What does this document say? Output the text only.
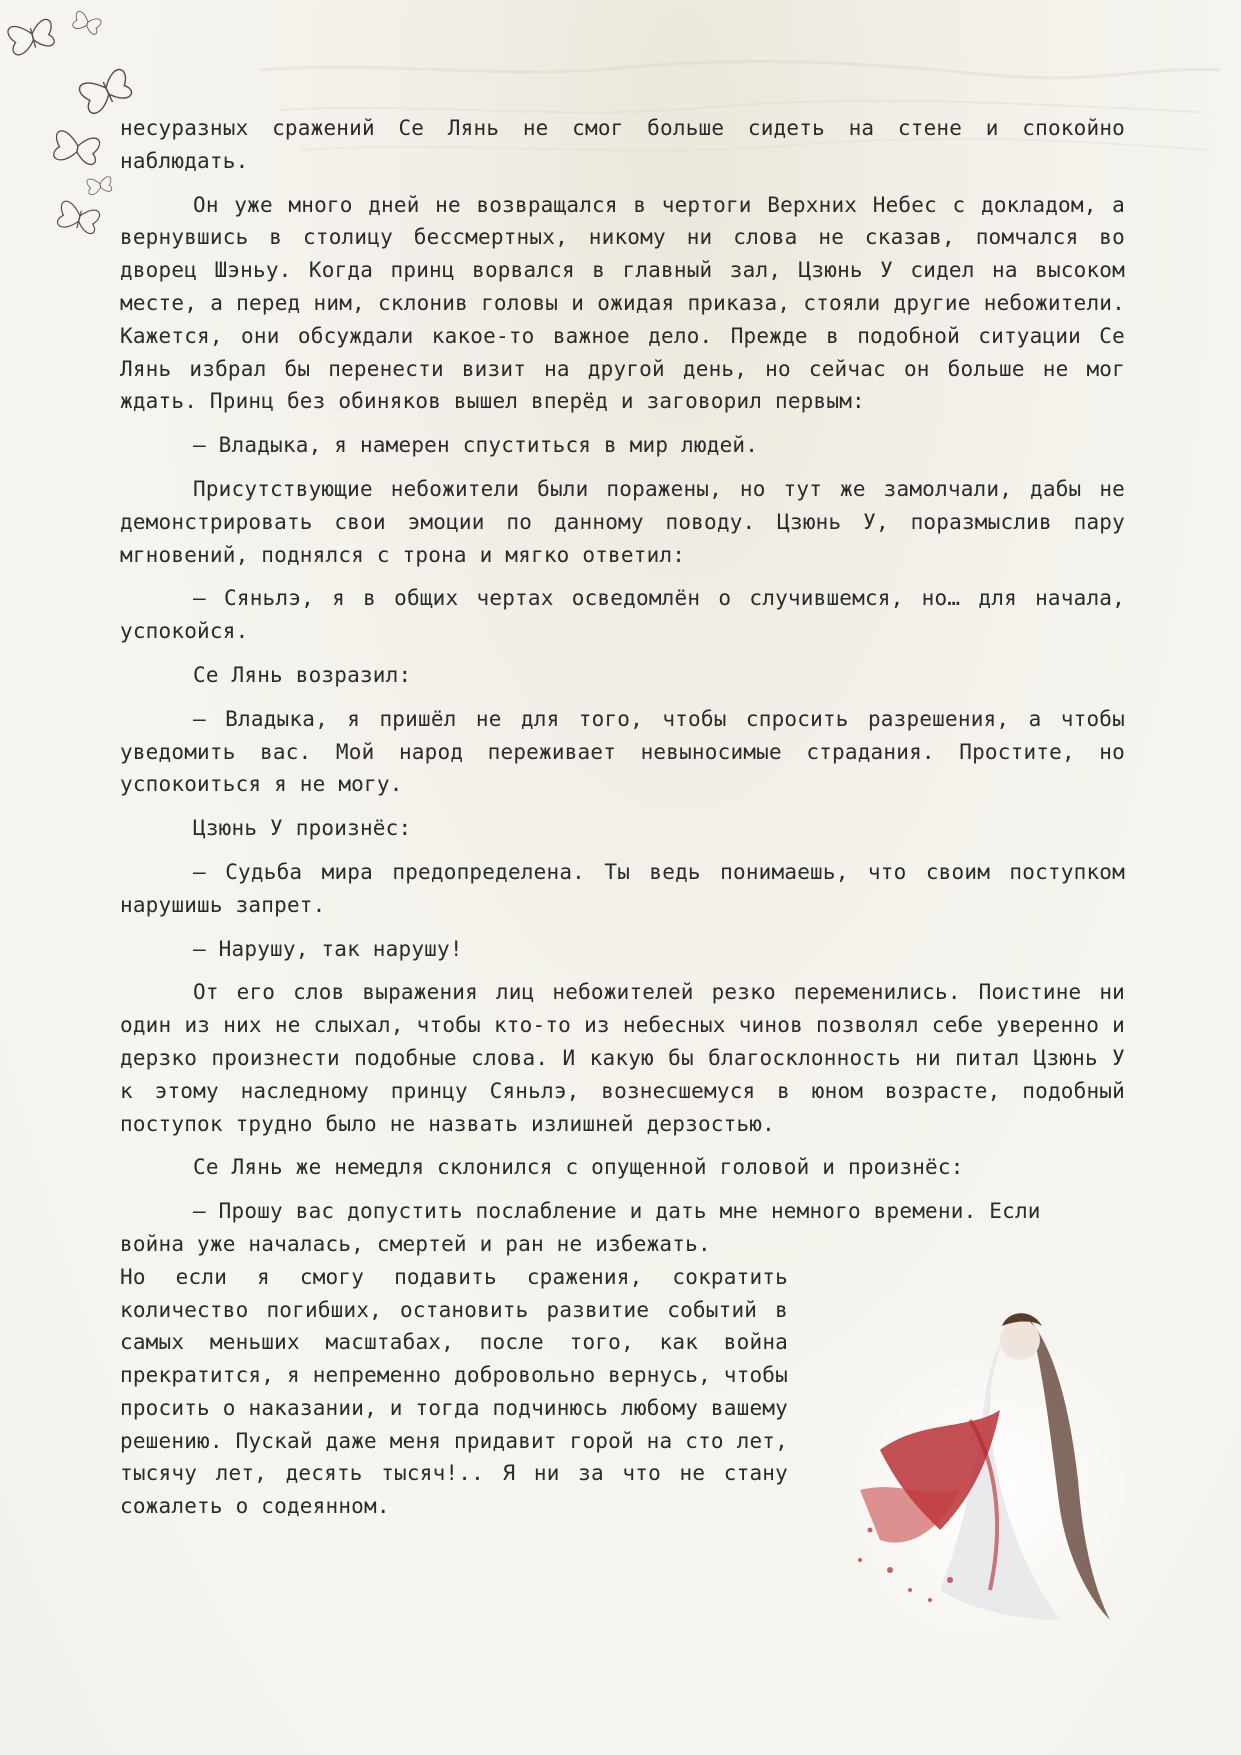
несуразных сражений Се Лянь не смог больше сидеть на стене и спокойно наблюдать.

Он уже много дней не возвращался в чертоги Верхних Небес с докладом, а вернувшись в столицу бессмертных, никому ни слова не сказав, помчался во дворец Шэньу. Когда принц ворвался в главный зал, Цзюнь У сидел на высоком месте, а перед ним, склонив головы и ожидая приказа, стояли другие небожители. Кажется, они обсуждали какое-то важное дело. Прежде в подобной ситуации Се Лянь избрал бы перенести визит на другой день, но сейчас он больше не мог ждать. Принц без обиняков вышел вперёд и заговорил первым:

— Владыка, я намерен спуститься в мир людей.

Присутствующие небожители были поражены, но тут же замолчали, дабы не демонстрировать свои эмоции по данному поводу. Цзюнь У, поразмыслив пару мгновений, поднялся с трона и мягко ответил:

— Сяньлэ, я в общих чертах осведомлён о случившемся, но… для начала, успокойся.

Се Лянь возразил:

— Владыка, я пришёл не для того, чтобы спросить разрешения, а чтобы уведомить вас. Мой народ переживает невыносимые страдания. Простите, но успокоиться я не могу.

Цзюнь У произнёс:

— Судьба мира предопределена. Ты ведь понимаешь, что своим поступком нарушишь запрет.

— Нарушу, так нарушу!

От его слов выражения лиц небожителей резко переменились. Поистине ни один из них не слыхал, чтобы кто-то из небесных чинов позволял себе уверенно и дерзко произнести подобные слова. И какую бы благосклонность ни питал Цзюнь У к этому наследному принцу Сяньлэ, вознесшемуся в юном возрасте, подобный поступок трудно было не назвать излишней дерзостью.

Се Лянь же немедля склонился с опущенной головой и произнёс:

— Прошу вас допустить послабление и дать мне немного времени. Если
война уже началась, смертей и ран не избежать.
Но если я смогу подавить сражения, сократить количество погибших, остановить развитие событий в самых меньших масштабах, после того, как война прекратится, я непременно добровольно вернусь, чтобы просить о наказании, и тогда подчинюсь любому вашему решению. Пускай даже меня придавит горой на сто лет, тысячу лет, десять тысяч!.. Я ни за что не стану сожалеть о содеянном.
